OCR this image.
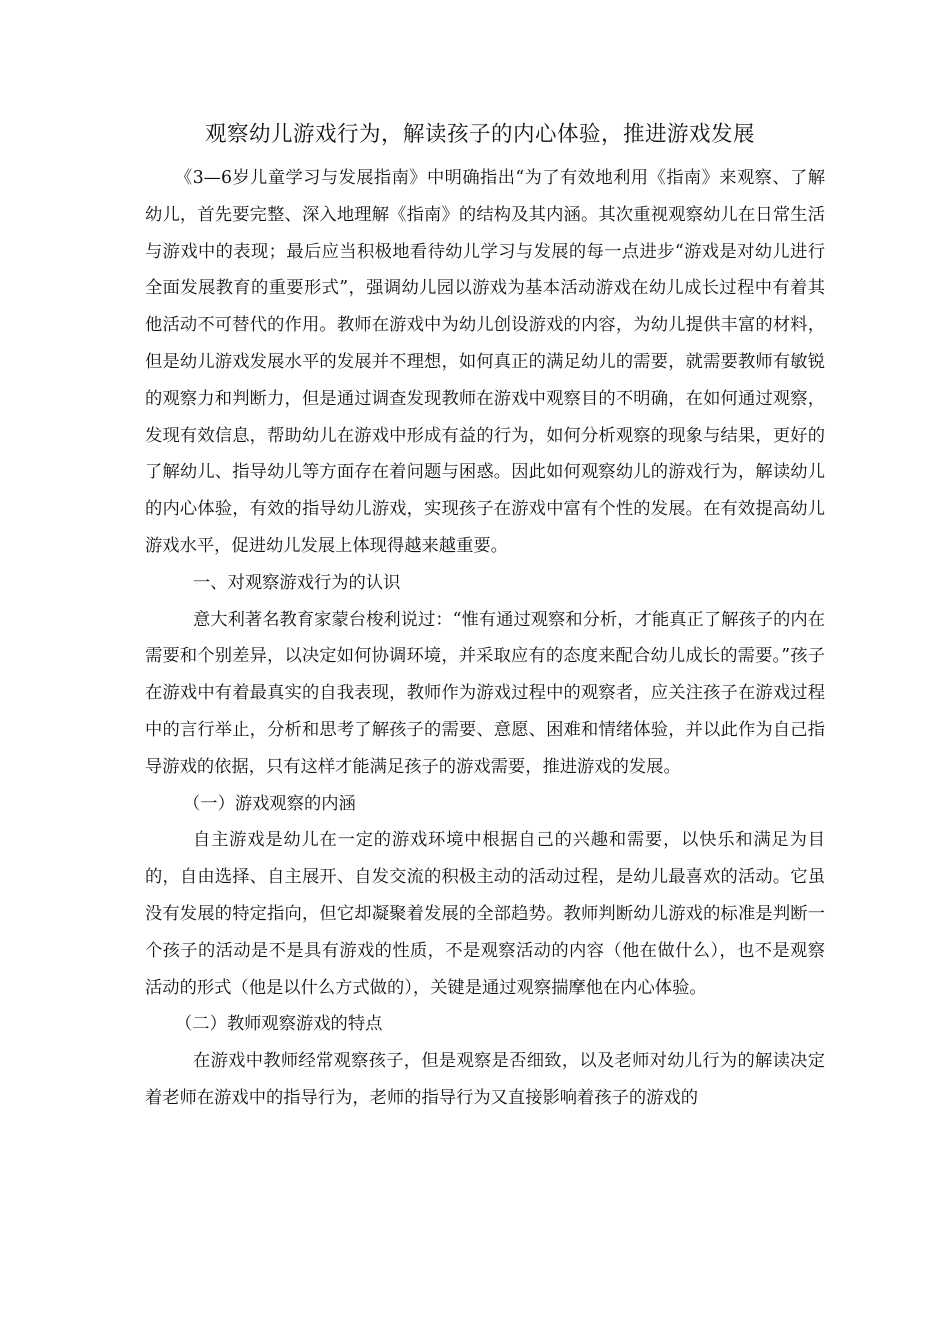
观察幼儿游戏行为，解读孩子的内心体验，推进游戏发展

《3—6岁儿童学习与发展指南》中明确指出“为了有效地利用《指南》来观察、了解幼儿，首先要完整、深入地理解《指南》的结构及其内涵。其次重视观察幼儿在日常生活与游戏中的表现；最后应当积极地看待幼儿学习与发展的每一点进步“游戏是对幼儿进行全面发展教育的重要形式”，强调幼儿园以游戏为基本活动游戏在幼儿成长过程中有着其他活动不可替代的作用。教师在游戏中为幼儿创设游戏的内容，为幼儿提供丰富的材料，但是幼儿游戏发展水平的发展并不理想，如何真正的满足幼儿的需要，就需要教师有敏锐的观察力和判断力，但是通过调查发现教师在游戏中观察目的不明确，在如何通过观察，发现有效信息，帮助幼儿在游戏中形成有益的行为，如何分析观察的现象与结果，更好的了解幼儿、指导幼儿等方面存在着问题与困惑。因此如何观察幼儿的游戏行为，解读幼儿的内心体验，有效的指导幼儿游戏，实现孩子在游戏中富有个性的发展。在有效提高幼儿游戏水平，促进幼儿发展上体现得越来越重要。

一、对观察游戏行为的认识

意大利著名教育家蒙台梭利说过：“惟有通过观察和分析，才能真正了解孩子的内在需要和个别差异，以决定如何协调环境，并采取应有的态度来配合幼儿成长的需要。”孩子在游戏中有着最真实的自我表现，教师作为游戏过程中的观察者，应关注孩子在游戏过程中的言行举止，分析和思考了解孩子的需要、意愿、困难和情绪体验，并以此作为自己指导游戏的依据，只有这样才能满足孩子的游戏需要，推进游戏的发展。

（一）游戏观察的内涵

自主游戏是幼儿在一定的游戏环境中根据自己的兴趣和需要，以快乐和满足为目的，自由选择、自主展开、自发交流的积极主动的活动过程，是幼儿最喜欢的活动。它虽没有发展的特定指向，但它却凝聚着发展的全部趋势。教师判断幼儿游戏的标准是判断一个孩子的活动是不是具有游戏的性质，不是观察活动的内容（他在做什么），也不是观察活动的形式（他是以什么方式做的），关键是通过观察揣摩他在内心体验。

（二）教师观察游戏的特点

在游戏中教师经常观察孩子，但是观察是否细致，以及老师对幼儿行为的解读决定着老师在游戏中的指导行为，老师的指导行为又直接影响着孩子的游戏的
